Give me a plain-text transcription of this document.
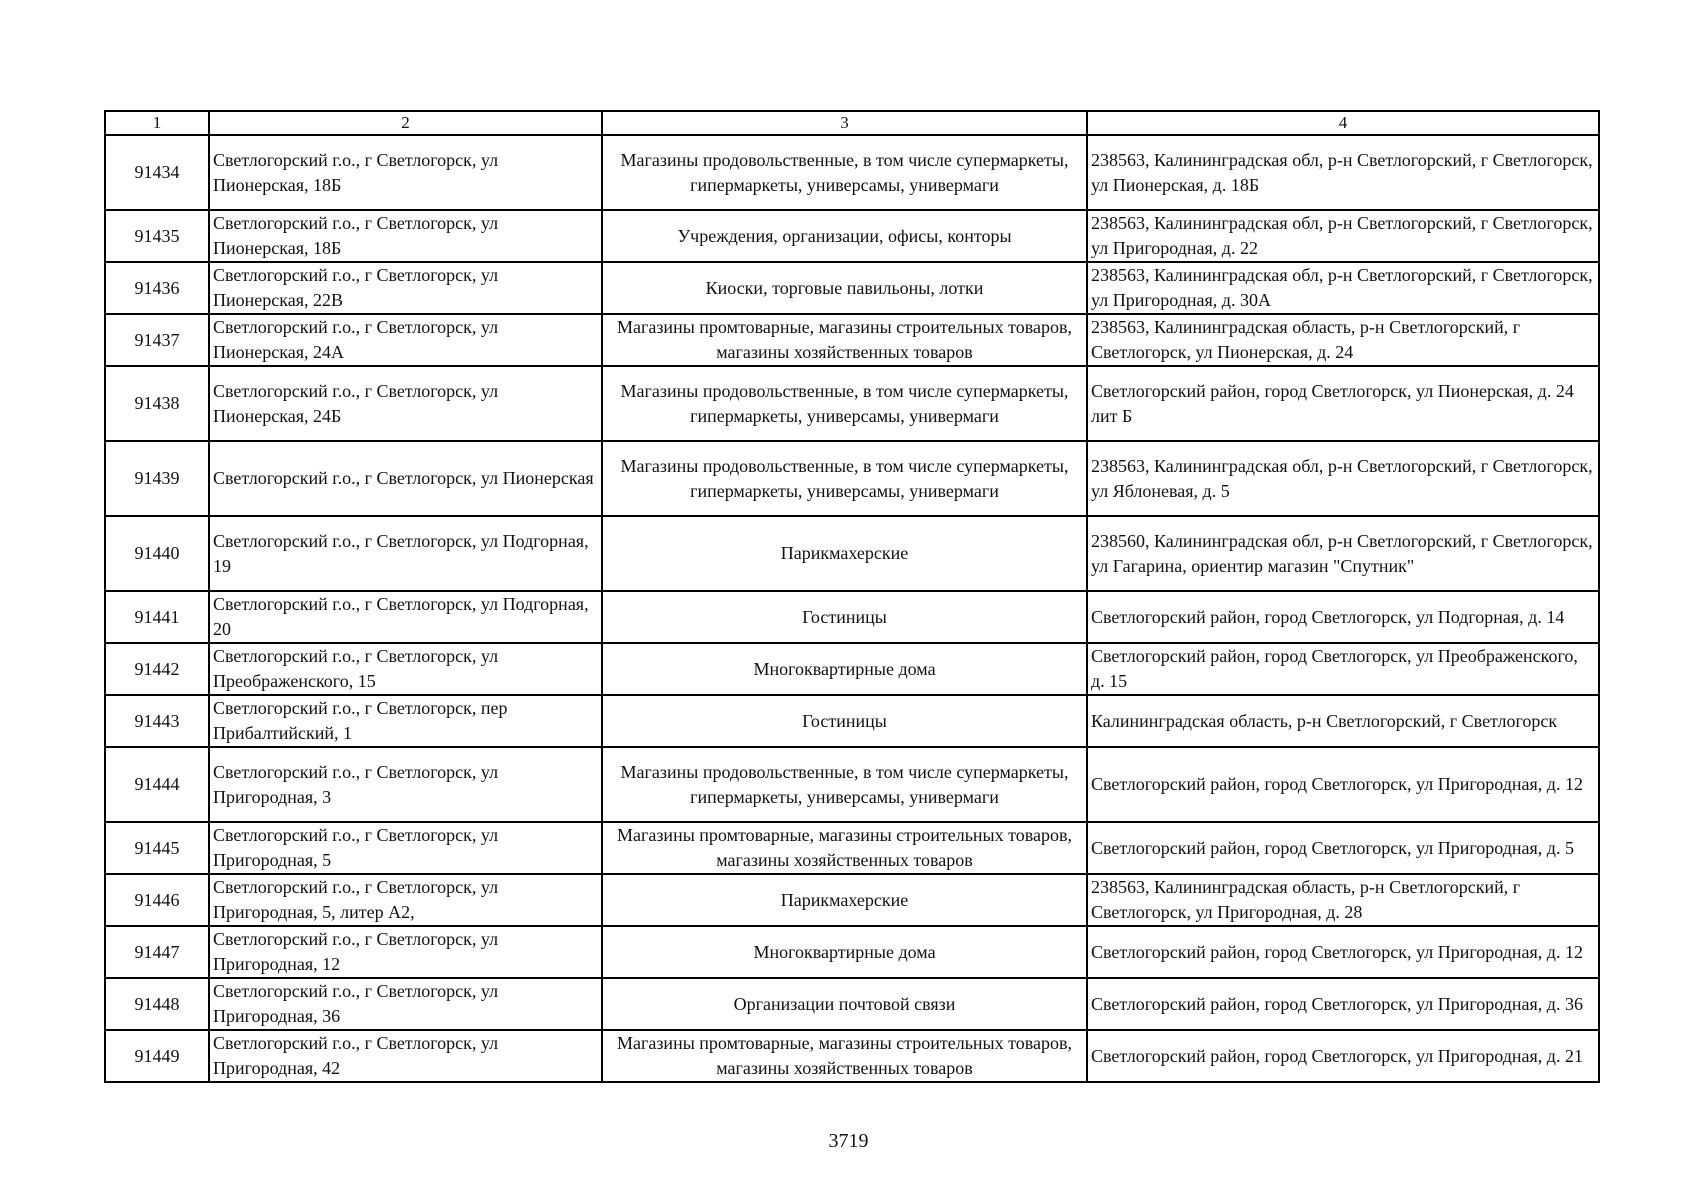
1	2	3	4
91434	Светлогорский г.о., г Светлогорск, ул Пионерская, 18Б	Магазины продовольственные, в том числе супермаркеты, гипермаркеты, универсамы, универмаги	238563, Калининградская обл, р-н Светлогорский, г Светлогорск, ул Пионерская, д. 18Б
91435	Светлогорский г.о., г Светлогорск, ул Пионерская, 18Б	Учреждения, организации, офисы, конторы	238563, Калининградская обл, р-н Светлогорский, г Светлогорск, ул Пригородная, д. 22
91436	Светлогорский г.о., г Светлогорск, ул Пионерская, 22В	Киоски, торговые павильоны, лотки	238563, Калининградская обл, р-н Светлогорский, г Светлогорск, ул Пригородная, д. 30А
91437	Светлогорский г.о., г Светлогорск, ул Пионерская, 24А	Магазины промтоварные, магазины строительных товаров, магазины хозяйственных товаров	238563, Калининградская область, р-н Светлогорский, г Светлогорск, ул Пионерская, д. 24
91438	Светлогорский г.о., г Светлогорск, ул Пионерская, 24Б	Магазины продовольственные, в том числе супермаркеты, гипермаркеты, универсамы, универмаги	Светлогорский район, город Светлогорск, ул Пионерская, д. 24 лит Б
91439	Светлогорский г.о., г Светлогорск, ул Пионерская	Магазины продовольственные, в том числе супермаркеты, гипермаркеты, универсамы, универмаги	238563, Калининградская обл, р-н Светлогорский, г Светлогорск, ул Яблоневая, д. 5
91440	Светлогорский г.о., г Светлогорск, ул Подгорная, 19	Парикмахерские	238560, Калининградская обл, р-н Светлогорский, г Светлогорск, ул Гагарина, ориентир магазин "Спутник"
91441	Светлогорский г.о., г Светлогорск, ул Подгорная, 20	Гостиницы	Светлогорский район, город Светлогорск, ул Подгорная, д. 14
91442	Светлогорский г.о., г Светлогорск, ул Преображенского, 15	Многоквартирные дома	Светлогорский район, город Светлогорск, ул Преображенского, д. 15
91443	Светлогорский г.о., г Светлогорск, пер Прибалтийский, 1	Гостиницы	Калининградская область, р-н Светлогорский, г Светлогорск
91444	Светлогорский г.о., г Светлогорск, ул Пригородная, 3	Магазины продовольственные, в том числе супермаркеты, гипермаркеты, универсамы, универмаги	Светлогорский район, город Светлогорск, ул Пригородная, д. 12
91445	Светлогорский г.о., г Светлогорск, ул Пригородная, 5	Магазины промтоварные, магазины строительных товаров, магазины хозяйственных товаров	Светлогорский район, город Светлогорск, ул Пригородная, д. 5
91446	Светлогорский г.о., г Светлогорск, ул Пригородная, 5, литер А2,	Парикмахерские	238563, Калининградская область, р-н Светлогорский, г Светлогорск, ул Пригородная, д. 28
91447	Светлогорский г.о., г Светлогорск, ул Пригородная, 12	Многоквартирные дома	Светлогорский район, город Светлогорск, ул Пригородная, д. 12
91448	Светлогорский г.о., г Светлогорск, ул Пригородная, 36	Организации почтовой связи	Светлогорский район, город Светлогорск, ул Пригородная, д. 36
91449	Светлогорский г.о., г Светлогорск, ул Пригородная, 42	Магазины промтоварные, магазины строительных товаров, магазины хозяйственных товаров	Светлогорский район, город Светлогорск, ул Пригородная, д. 21
3719
